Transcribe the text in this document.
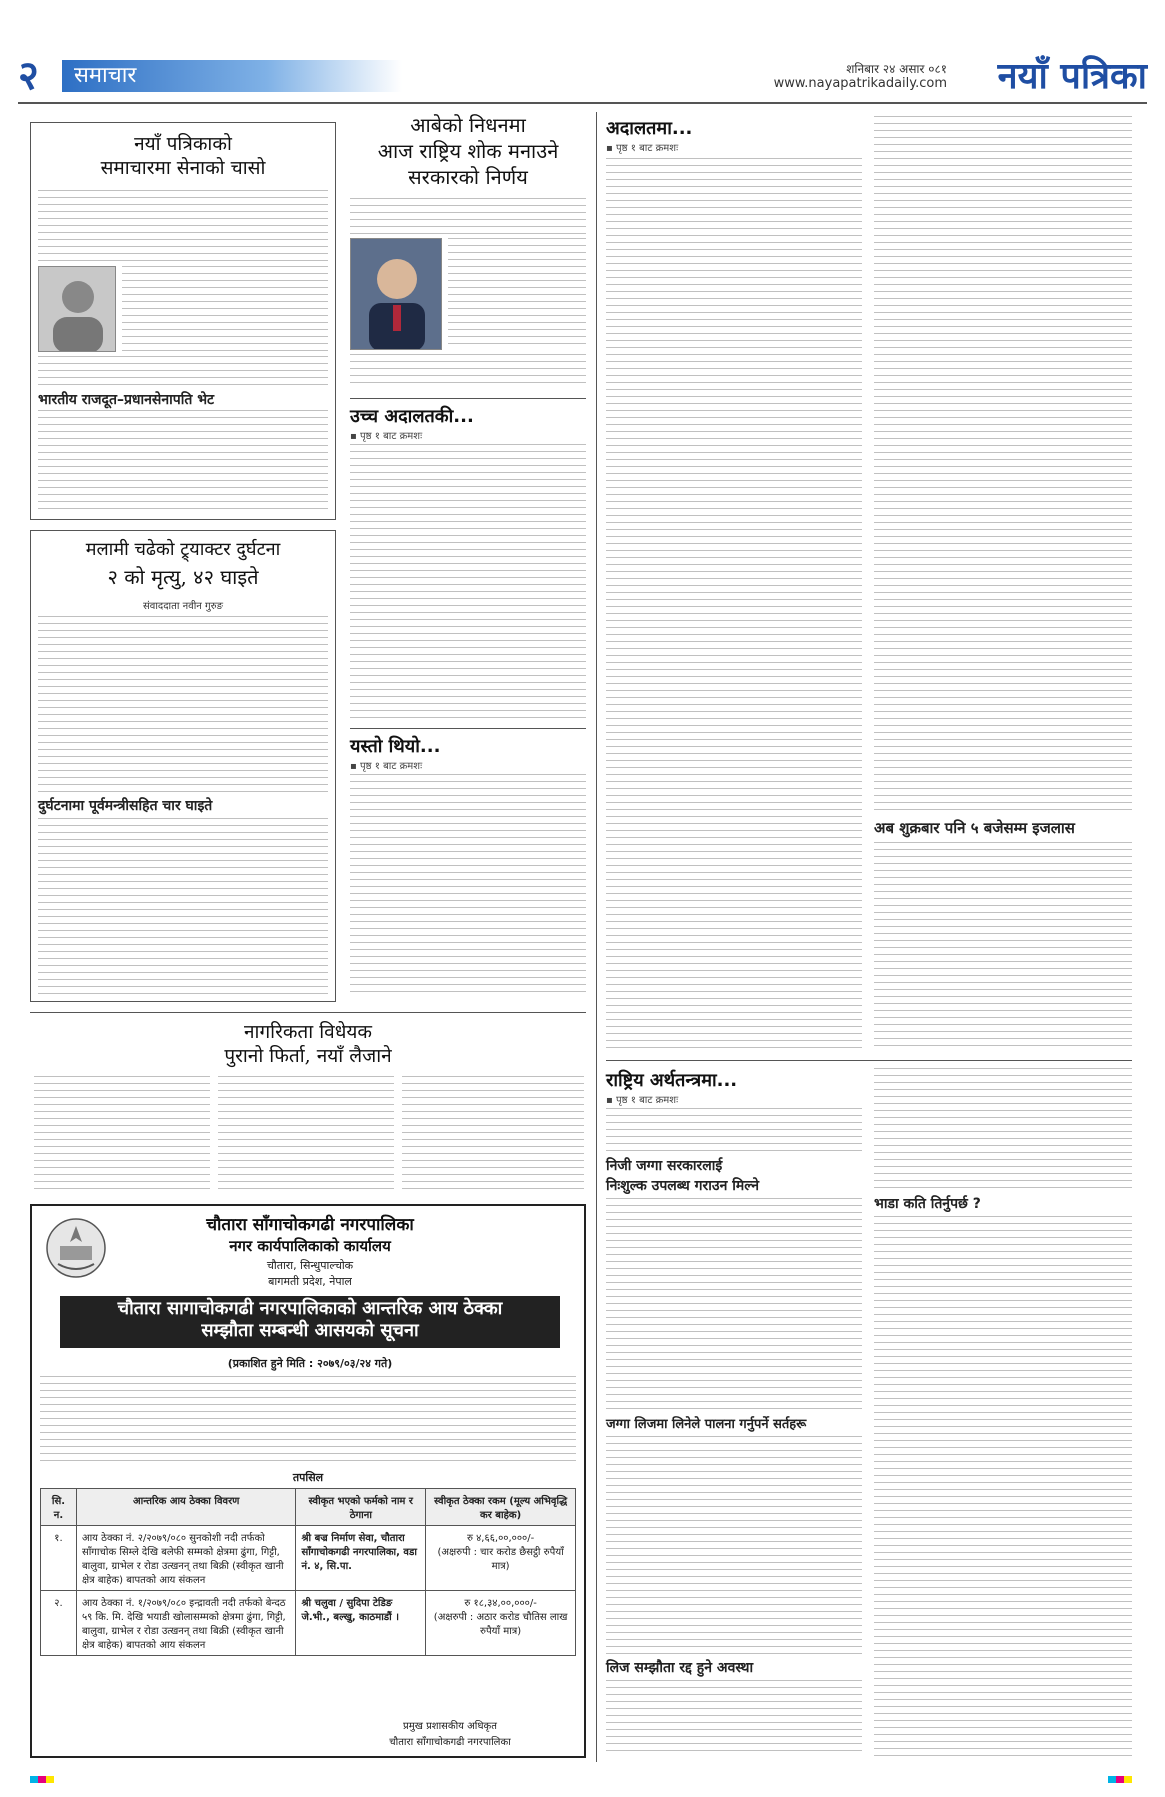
२	समाचार	शनिबार २४ असार ०८१
www.nayapatrikadaily.com नयाँ पत्रिका
नयाँ पत्रिकाको
समाचारमा सेनाको चासो
भारतीय राजदूत–प्रधानसेनापति भेट
मलामी चढेको ट्र्याक्टर दुर्घटना
२ को मृत्यु, ४२ घाइते
संवाददाता नवीन गुरुङ
दुर्घटनामा पूर्वमन्त्रीसहित चार घाइते
आबेको निधनमा
आज राष्ट्रिय शोक मनाउने
सरकारको निर्णय
उच्च अदालतकी...
▪ पृष्ठ १ बाट क्रमशः
यस्तो थियो...
▪ पृष्ठ १ बाट क्रमशः
नागरिकता विधेयक
पुरानो फिर्ता, नयाँ लैजाने
चौतारा साँगाचोकगढी नगरपालिका
नगर कार्यपालिकाको कार्यालय
चौतारा, सिन्धुपाल्चोक
बागमती प्रदेश, नेपाल
चौतारा सागाचोकगढी नगरपालिकाको आन्तरिक आय ठेक्का
सम्झौता सम्बन्धी आसयको सूचना
(प्रकाशित हुने मिति : २०७९/०३/२४ गते)
तपसिल
सि. न.	आन्तरिक आय ठेक्का विवरण	स्वीकृत भएको फर्मको नाम र ठेगाना	स्वीकृत ठेक्का रकम (मूल्य अभिवृद्धि कर बाहेक)
१.	आय ठेक्का नं. २/२०७९/०८० सुनकोशी नदी तर्फको साँगाचोक सिम्ले देखि बलेफी सम्मको क्षेत्रमा ढुंगा, गिट्टी, बालुवा, ग्राभेल र रोडा उत्खनन् तथा बिक्री (स्वीकृत खानी क्षेत्र बाहेक) बापतको आय संकलन	श्री बज्र निर्माण सेवा, चौतारा साँगाचोकगढी नगरपालिका, वडा नं. ४, सि.पा.	रु ४,६६,००,०००/-
(अक्षरुपी : चार करोड छैसट्ठी रुपैयाँ मात्र)

२.	आय ठेक्का नं. १/२०७९/०८० इन्द्रावती नदी तर्फको बेन्दठ ५९ कि. मि. देखि भयाडी खोलासम्मको क्षेत्रमा ढुंगा, गिट्टी, बालुवा, ग्राभेल र रोडा उत्खनन् तथा बिक्री (स्वीकृत खानी क्षेत्र बाहेक) बापतको आय संकलन	श्री चलुवा / सुदिपा टेडिङ जे.भी., बल्खु, काठमाडौं ।	रु १८,३४,००,०००/-
(अक्षरुपी : अठार करोड चौतिस लाख रुपैयाँ मात्र)
प्रमुख प्रशासकीय अधिकृत
चौतारा साँगाचोकगढी नगरपालिका
अदालतमा...
▪ पृष्ठ १ बाट क्रमशः
अब शुक्रबार पनि ५ बजेसम्म इजलास
राष्ट्रिय अर्थतन्त्रमा...
▪ पृष्ठ १ बाट क्रमशः
निजी जग्गा सरकारलाई
निःशुल्क उपलब्ध गराउन मिल्ने
जग्गा लिजमा लिनेले पालना गर्नुपर्ने सर्तहरू
लिज सम्झौता रद्द हुने अवस्था
भाडा कति तिर्नुपर्छ ?
